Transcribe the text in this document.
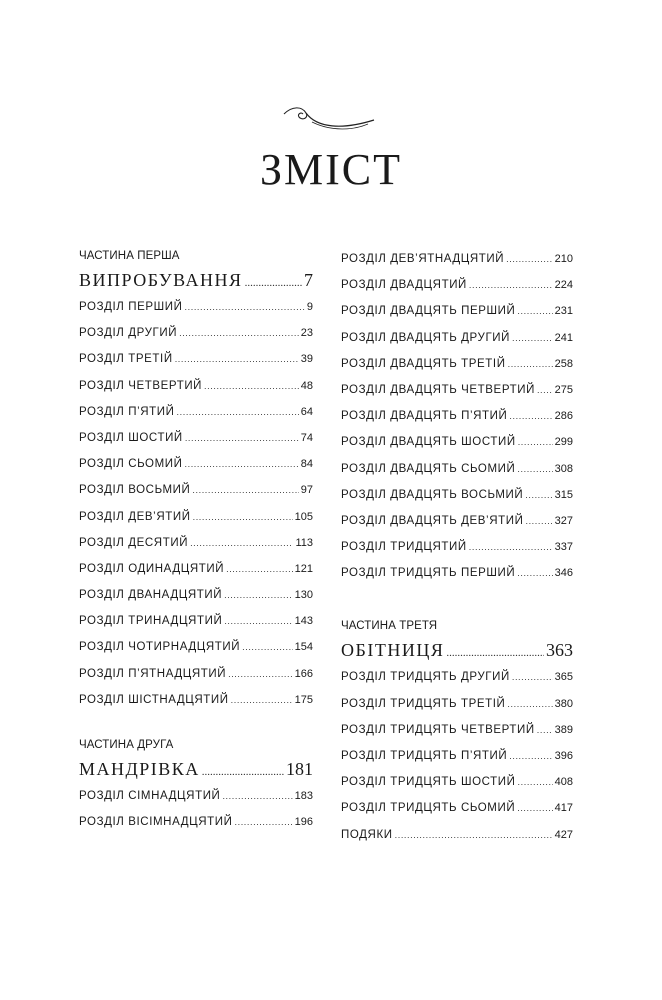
ЗМІСТ
ЧАСТИНА ПЕРША
ВИПРОБУВАННЯ .....	7
РОЗДІЛ ПЕРШИЙ .....	9
РОЗДІЛ ДРУГИЙ .....	23
РОЗДІЛ ТРЕТІЙ .....	39
РОЗДІЛ ЧЕТВЕРТИЙ .....	48
РОЗДІЛ П’ЯТИЙ .....	64
РОЗДІЛ ШОСТИЙ .....	74
РОЗДІЛ СЬОМИЙ .....	84
РОЗДІЛ ВОСЬМИЙ .....	97
РОЗДІЛ ДЕВ’ЯТИЙ .....	105
РОЗДІЛ ДЕСЯТИЙ .....	113
РОЗДІЛ ОДИНАДЦЯТИЙ .....	121
РОЗДІЛ ДВАНАДЦЯТИЙ .....	130
РОЗДІЛ ТРИНАДЦЯТИЙ .....	143
РОЗДІЛ ЧОТИРНАДЦЯТИЙ .....	154
РОЗДІЛ П’ЯТНАДЦЯТИЙ .....	166
РОЗДІЛ ШІСТНАДЦЯТИЙ .....	175
ЧАСТИНА ДРУГА
МАНДРІВКА .....	181
РОЗДІЛ СІМНАДЦЯТИЙ .....	183
РОЗДІЛ ВІСІМНАДЦЯТИЙ .....	196
РОЗДІЛ ДЕВ’ЯТНАДЦЯТИЙ .....	210
РОЗДІЛ ДВАДЦЯТИЙ .....	224
РОЗДІЛ ДВАДЦЯТЬ ПЕРШИЙ .....	231
РОЗДІЛ ДВАДЦЯТЬ ДРУГИЙ .....	241
РОЗДІЛ ДВАДЦЯТЬ ТРЕТІЙ .....	258
РОЗДІЛ ДВАДЦЯТЬ ЧЕТВЕРТИЙ ..... 275
РОЗДІЛ ДВАДЦЯТЬ П’ЯТИЙ .....	286
РОЗДІЛ ДВАДЦЯТЬ ШОСТИЙ .....	299
РОЗДІЛ ДВАДЦЯТЬ СЬОМИЙ .....	308
РОЗДІЛ ДВАДЦЯТЬ ВОСЬМИЙ .....	315
РОЗДІЛ ДВАДЦЯТЬ ДЕВ’ЯТИЙ .....	327
РОЗДІЛ ТРИДЦЯТИЙ .....	337
РОЗДІЛ ТРИДЦЯТЬ ПЕРШИЙ .....	346
ЧАСТИНА ТРЕТЯ
ОБІТНИЦЯ .....	363
РОЗДІЛ ТРИДЦЯТЬ ДРУГИЙ .....	365
РОЗДІЛ ТРИДЦЯТЬ ТРЕТІЙ .....	380
РОЗДІЛ ТРИДЦЯТЬ ЧЕТВЕРТИЙ ..... 389
РОЗДІЛ ТРИДЦЯТЬ П’ЯТИЙ .....	396
РОЗДІЛ ТРИДЦЯТЬ ШОСТИЙ .....	408
РОЗДІЛ ТРИДЦЯТЬ СЬОМИЙ .....	417
ПОДЯКИ .....	427
